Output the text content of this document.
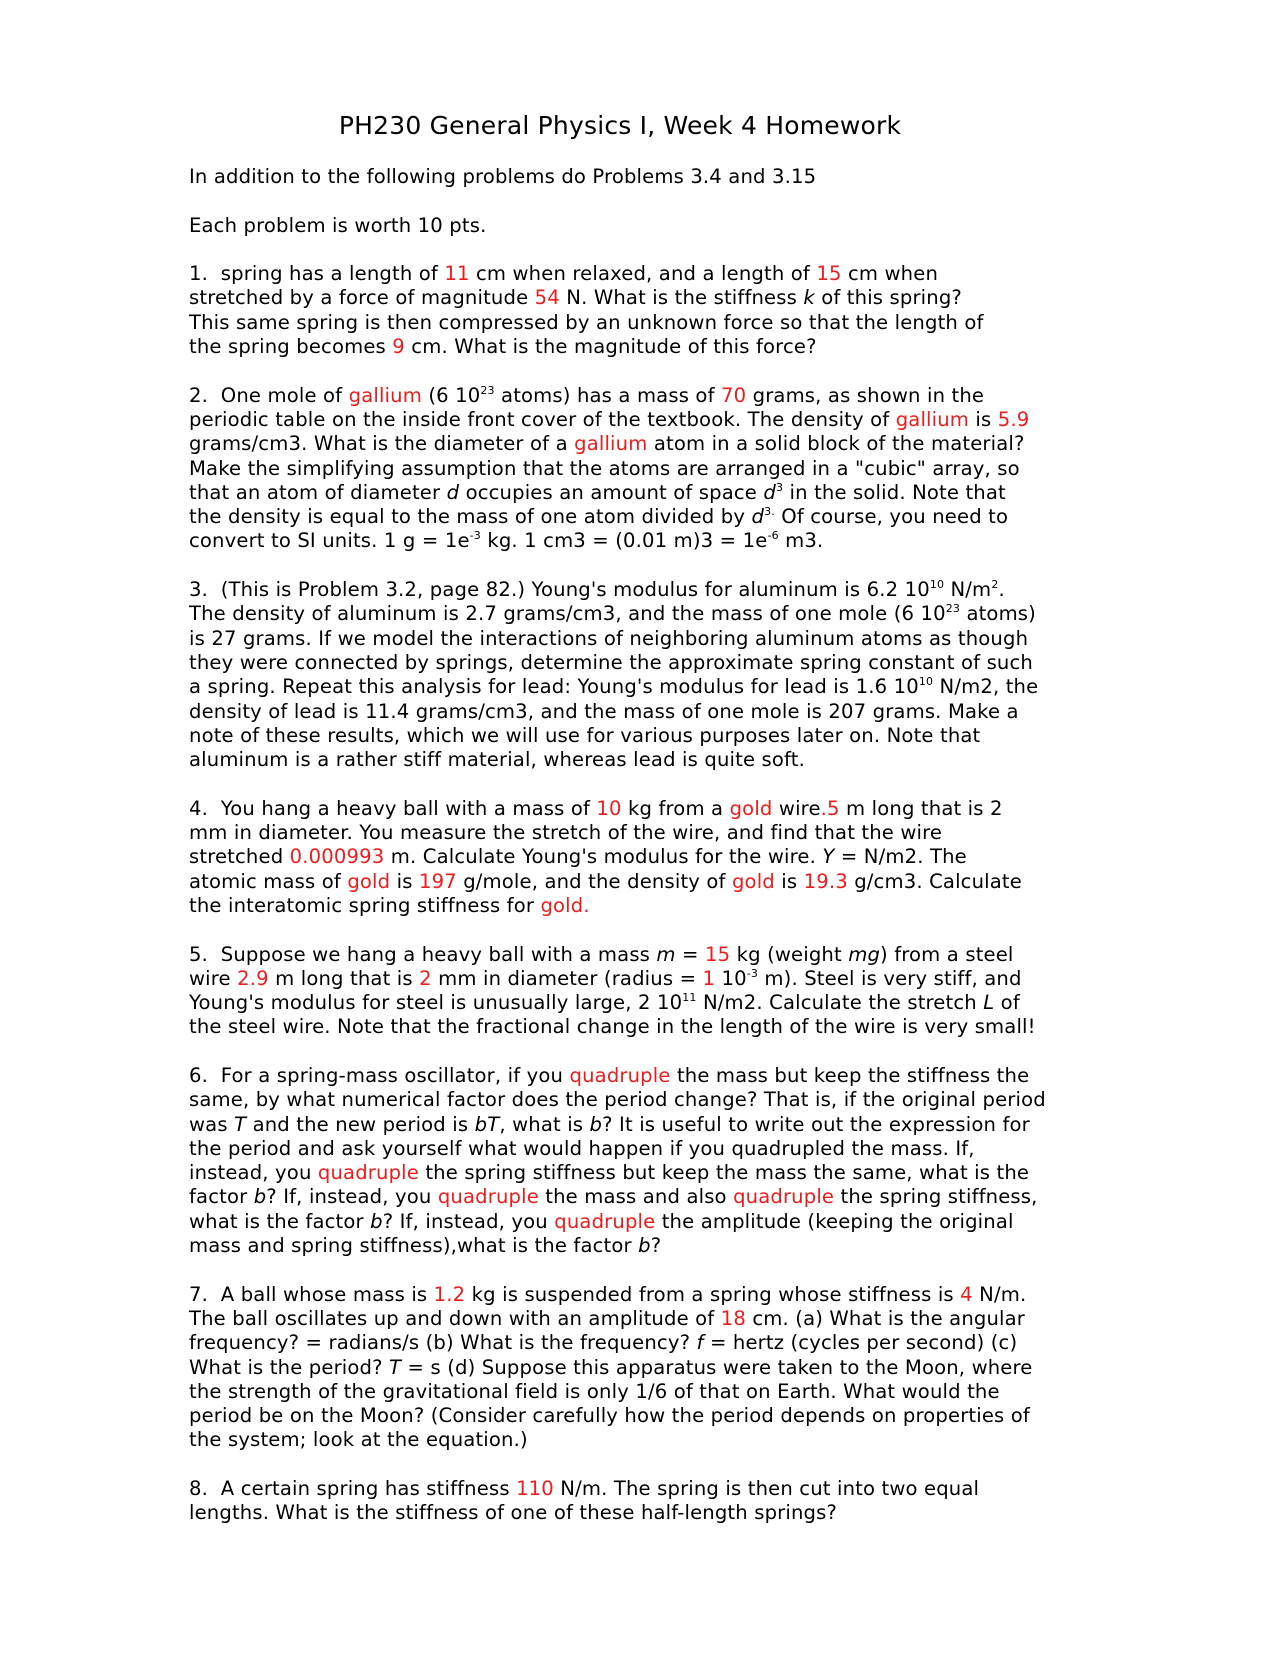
PH230 General Physics I, Week 4 Homework

In addition to the following problems do Problems 3.4 and 3.15

Each problem is worth 10 pts.

1. spring has a length of 11 cm when relaxed, and a length of 15 cm when
stretched by a force of magnitude 54 N. What is the stiffness k of this spring?
This same spring is then compressed by an unknown force so that the length of
the spring becomes 9 cm. What is the magnitude of this force?

2. One mole of gallium (6 $10^{23}$ atoms) has a mass of 70 grams, as shown in the
periodic table on the inside front cover of the textbook. The density of gallium is 5.9
grams/cm3. What is the diameter of a gallium atom in a solid block of the material?
Make the simplifying assumption that the atoms are arranged in a "cubic" array, so
that an atom of diameter d occupies an amount of space $d^3$ in the solid. Note that
the density is equal to the mass of one atom divided by $d^{3.}$ Of course, you need to
convert to SI units. 1 $g = 1e^{-3}$ kg. 1 cm3 = (0.01 $m)3 = 1e^{-6}$ m3.

3. (This is Problem 3.2, page 82.) Young's modulus for aluminum is 6.2 $10^{10}$ $N/m^2$.
The density of aluminum is 2.7 grams/cm3, and the mass of one mole (6 $10^{23}$ atoms)
is 27 grams. If we model the interactions of neighboring aluminum atoms as though
they were connected by springs, determine the approximate spring constant of such
a spring. Repeat this analysis for lead: Young's modulus for lead is 1.6 $10^{10}$ N/m2, the
density of lead is 11.4 grams/cm3, and the mass of one mole is 207 grams. Make a
note of these results, which we will use for various purposes later on. Note that
aluminum is a rather stiff material, whereas lead is quite soft.

4. You hang a heavy ball with a mass of 10 kg from a gold wire.5 m long that is 2
mm in diameter. You measure the stretch of the wire, and find that the wire
stretched 0.000993 m. Calculate Young's modulus for the wire. Y = N/m2. The
atomic mass of gold is 197 g/mole, and the density of gold is 19.3 g/cm3. Calculate
the interatomic spring stiffness for gold.

5. Suppose we hang a heavy ball with a mass m = 15 kg (weight mg) from a steel
wire 2.9 m long that is 2 mm in diameter (radius = 1 $10^{-3}$ m). Steel is very stiff, and
Young's modulus for steel is unusually large, 2 $10^{11}$ N/m2. Calculate the stretch L of
the steel wire. Note that the fractional change in the length of the wire is very small!

6. For a spring-mass oscillator, if you quadruple the mass but keep the stiffness the
same, by what numerical factor does the period change? That is, if the original period
was T and the new period is bT, what is b? It is useful to write out the expression for
the period and ask yourself what would happen if you quadrupled the mass. If,
instead, you quadruple the spring stiffness but keep the mass the same, what is the
factor b? If, instead, you quadruple the mass and also quadruple the spring stiffness,
what is the factor b? If, instead, you quadruple the amplitude (keeping the original
mass and spring stiffness),what is the factor b?

7. A ball whose mass is 1.2 kg is suspended from a spring whose stiffness is 4 N/m.
The ball oscillates up and down with an amplitude of 18 cm. (a) What is the angular
frequency? = radians/s (b) What is the frequency? f = hertz (cycles per second) (c)
What is the period? T = s (d) Suppose this apparatus were taken to the Moon, where
the strength of the gravitational field is only 1/6 of that on Earth. What would the
period be on the Moon? (Consider carefully how the period depends on properties of
the system; look at the equation.)

8. A certain spring has stiffness 110 N/m. The spring is then cut into two equal
lengths. What is the stiffness of one of these half-length springs?
